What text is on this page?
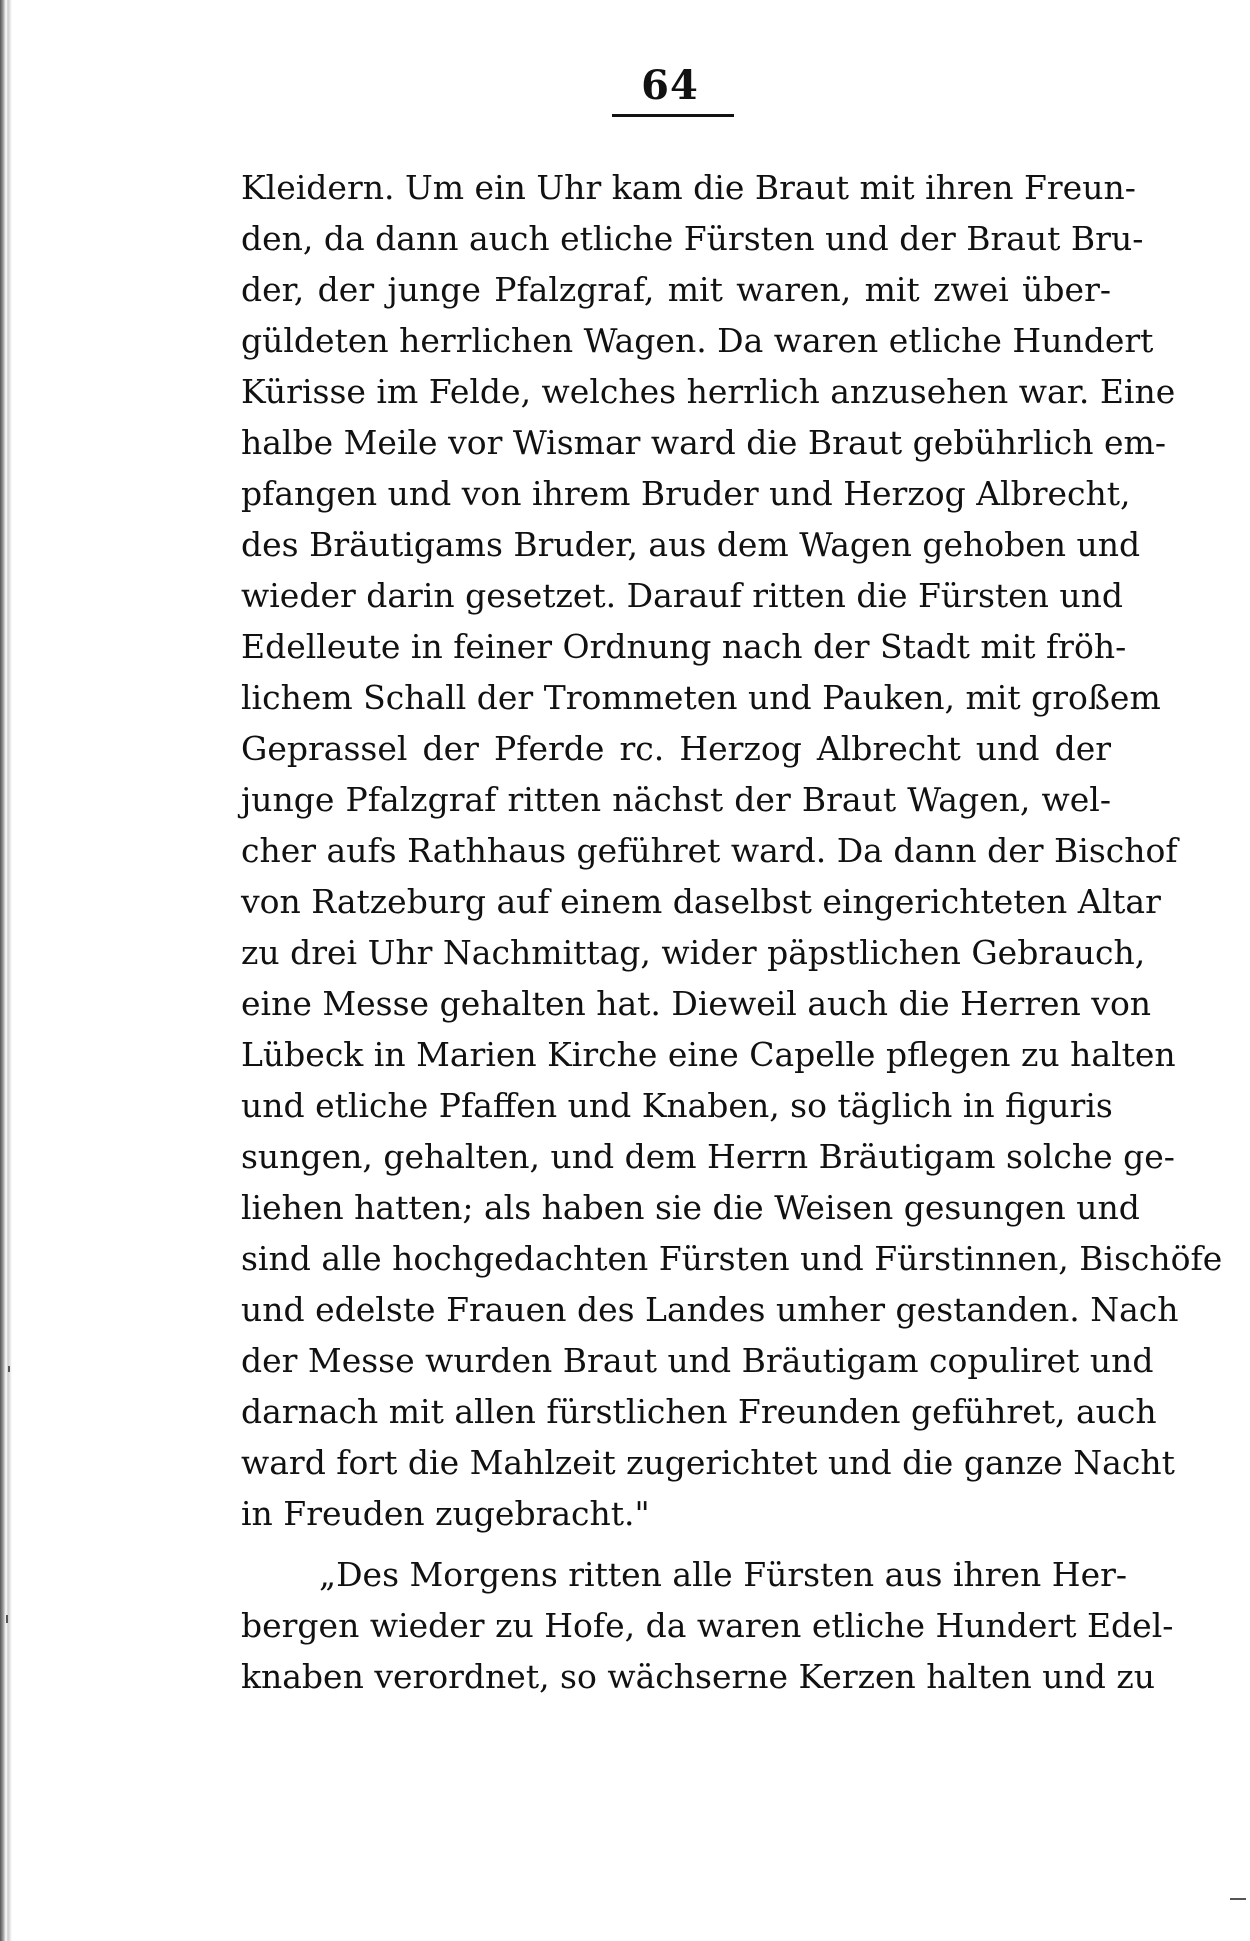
64
Kleidern. Um ein Uhr kam die Braut mit ihren Freun-
den, da dann auch etliche Fürsten und der Braut Bru-
der, der junge Pfalzgraf, mit waren, mit zwei über-
güldeten herrlichen Wagen. Da waren etliche Hundert
Kürisse im Felde, welches herrlich anzusehen war. Eine
halbe Meile vor Wismar ward die Braut gebührlich em-
pfangen und von ihrem Bruder und Herzog Albrecht,
des Bräutigams Bruder, aus dem Wagen gehoben und
wieder darin gesetzet. Darauf ritten die Fürsten und
Edelleute in feiner Ordnung nach der Stadt mit fröh-
lichem Schall der Trommeten und Pauken, mit großem
Geprassel der Pferde rc. Herzog Albrecht und der
junge Pfalzgraf ritten nächst der Braut Wagen, wel-
cher aufs Rathhaus geführet ward. Da dann der Bischof
von Ratzeburg auf einem daselbst eingerichteten Altar
zu drei Uhr Nachmittag, wider päpstlichen Gebrauch,
eine Messe gehalten hat. Dieweil auch die Herren von
Lübeck in Marien Kirche eine Capelle pflegen zu halten
und etliche Pfaffen und Knaben, so täglich in figuris
sungen, gehalten, und dem Herrn Bräutigam solche ge-
liehen hatten; als haben sie die Weisen gesungen und
sind alle hochgedachten Fürsten und Fürstinnen, Bischöfe
und edelste Frauen des Landes umher gestanden. Nach
der Messe wurden Braut und Bräutigam copuliret und
darnach mit allen fürstlichen Freunden geführet, auch
ward fort die Mahlzeit zugerichtet und die ganze Nacht
in Freuden zugebracht."
„Des Morgens ritten alle Fürsten aus ihren Her-
bergen wieder zu Hofe, da waren etliche Hundert Edel-
knaben verordnet, so wächserne Kerzen halten und zu
